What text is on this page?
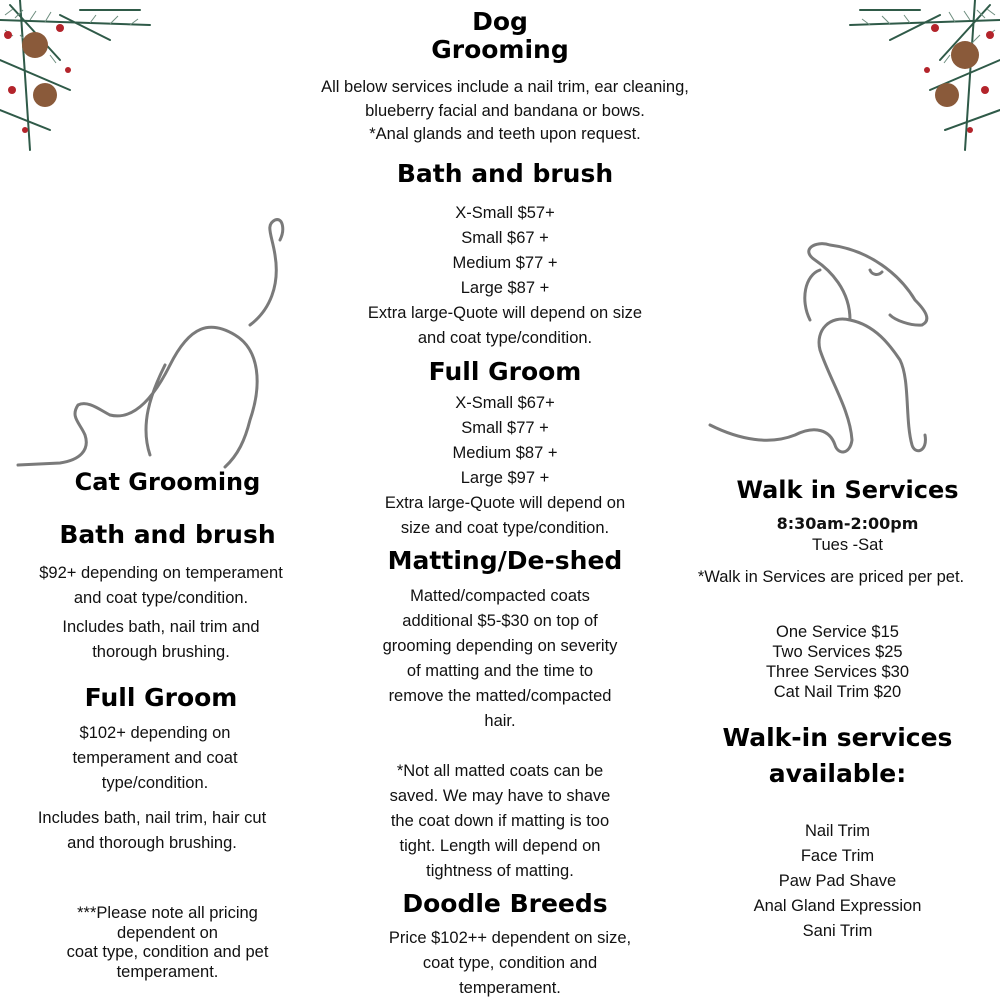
Dog
Grooming
All below services include a nail trim, ear cleaning,
blueberry facial and bandana or bows.
*Anal glands and teeth upon request.
Bath and brush
X-Small $57+
Small $67 +
Medium $77 +
Large $87 +
Extra large-Quote will depend on size
and coat type/condition.
Full Groom
X-Small $67+
Small $77 +
Medium $87 +
Large $97 +
Extra large-Quote will depend on
size and coat type/condition.
Matting/De-shed
Matted/compacted coats
additional $5-$30 on top of
grooming depending on severity
of matting and the time to
remove the matted/compacted
hair.
*Not all matted coats can be
saved. We may have to shave
the coat down if matting is too
tight. Length will depend on
tightness of matting.
Doodle Breeds
Price $102++ dependent on size,
coat type, condition and
temperament.
Cat Grooming
Bath and brush
$92+ depending on temperament
and coat type/condition.
Includes bath, nail trim and
thorough brushing.
Full Groom
$102+ depending on
temperament and coat
type/condition.
Includes bath, nail trim, hair cut
and thorough brushing.
***Please note all pricing
dependent on
coat type, condition and pet
temperament.
Walk in Services
8:30am-2:00pm
Tues -Sat
*Walk in Services are priced per pet.
One Service $15
Two Services $25
Three Services $30
Cat Nail Trim $20
Walk-in services
available:
Nail Trim
Face Trim
Paw Pad Shave
Anal Gland Expression
Sani Trim
